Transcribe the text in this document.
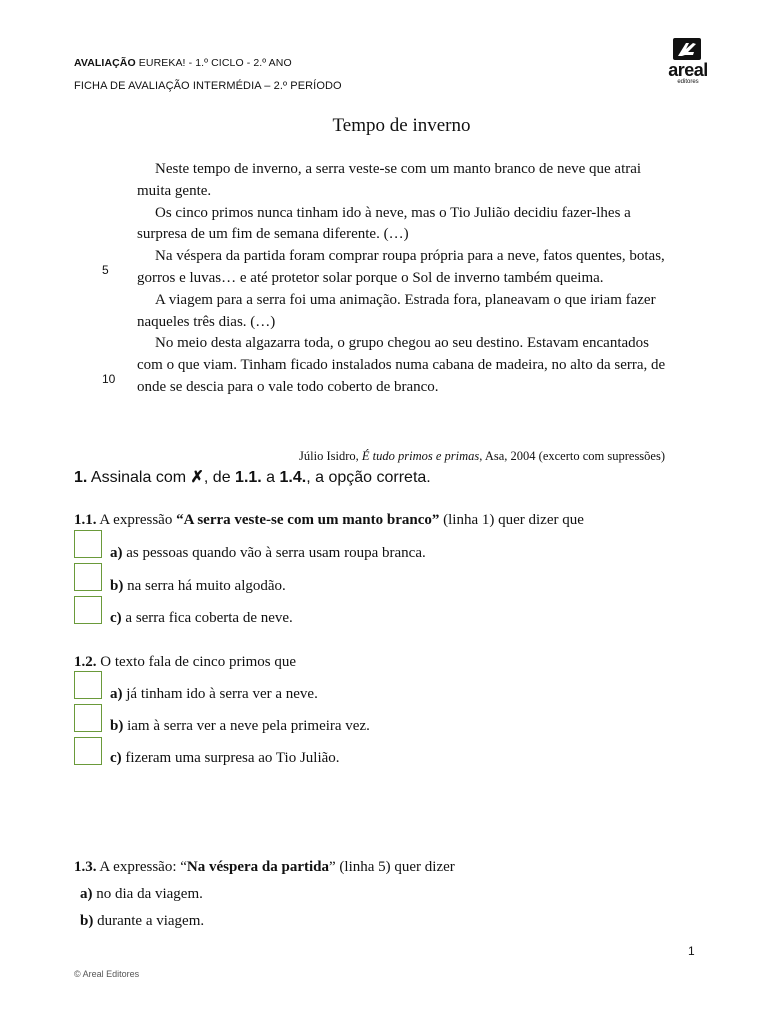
AVALIAÇÃO EUREKA! - 1.º CICLO - 2.º ANO
FICHA DE AVALIAÇÃO INTERMÉDIA – 2.º PERÍODO
areal
editores
Tempo de inverno

Neste tempo de inverno, a serra veste-se com um manto branco de neve que atrai muita gente.

Os cinco primos nunca tinham ido à neve, mas o Tio Julião decidiu fazer-lhes a surpresa de um fim de semana diferente. (…)

Na véspera da partida foram comprar roupa própria para a neve, fatos quentes, botas, gorros e luvas… e até protetor solar porque o Sol de inverno também queima.

A viagem para a serra foi uma animação. Estrada fora, planeavam o que iriam fazer naqueles três dias. (…)

No meio desta algazarra toda, o grupo chegou ao seu destino. Estavam encantados com o que viam. Tinham ficado instalados numa cabana de madeira, no alto da serra, de onde se descia para o vale todo coberto de branco.

5
10
Júlio Isidro, É tudo primos e primas, Asa, 2004 (excerto com supressões)
1. Assinala com ✗, de 1.1. a 1.4., a opção correta.
1.1. A expressão “A serra veste-se com um manto branco” (linha 1) quer dizer que
a) as pessoas quando vão à serra usam roupa branca.
b) na serra há muito algodão.
c) a serra fica coberta de neve.
1.2. O texto fala de cinco primos que
a) já tinham ido à serra ver a neve.
b) iam à serra ver a neve pela primeira vez.
c) fizeram uma surpresa ao Tio Julião.
1.3. A expressão: “Na véspera da partida” (linha 5) quer dizer
a) no dia da viagem.
b) durante a viagem.
1
© Areal Editores
